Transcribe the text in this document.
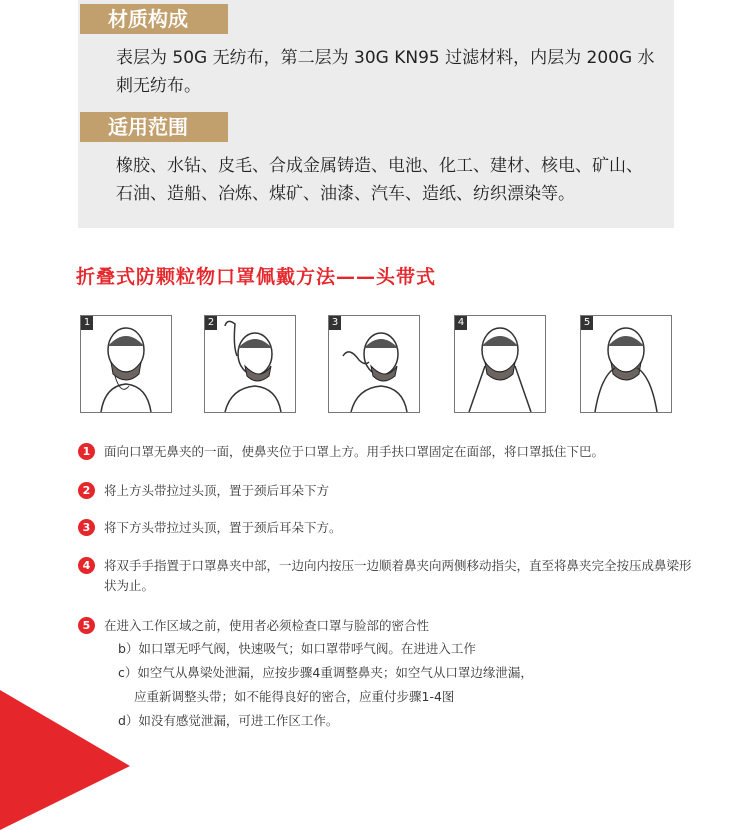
材质构成
表层为 50G 无纺布，第二层为 30G KN95 过滤材料，内层为 200G 水刺无纺布。
适用范围
橡胶、水钻、皮毛、合成金属铸造、电池、化工、建材、核电、矿山、石油、造船、冶炼、煤矿、油漆、汽车、造纸、纺织漂染等。
折叠式防颗粒物口罩佩戴方法——头带式
1	2	3	4	5
1	面向口罩无鼻夹的一面，使鼻夹位于口罩上方。用手扶口罩固定在面部，将口罩抵住下巴。
2	将上方头带拉过头顶，置于颈后耳朵下方
3	将下方头带拉过头顶，置于颈后耳朵下方。
4	将双手手指置于口罩鼻夹中部，一边向内按压一边顺着鼻夹向两侧移动指尖，直至将鼻夹完全按压成鼻梁形状为止。
5	在进入工作区域之前，使用者必须检查口罩与脸部的密合性
b）如口罩无呼气阀，快速吸气；如口罩带呼气阀。在进进入工作
c）如空气从鼻梁处泄漏，应按步骤4重调整鼻夹；如空气从口罩边缘泄漏，
应重新调整头带；如不能得良好的密合，应重付步骤1-4图
d）如没有感觉泄漏，可进工作区工作。
